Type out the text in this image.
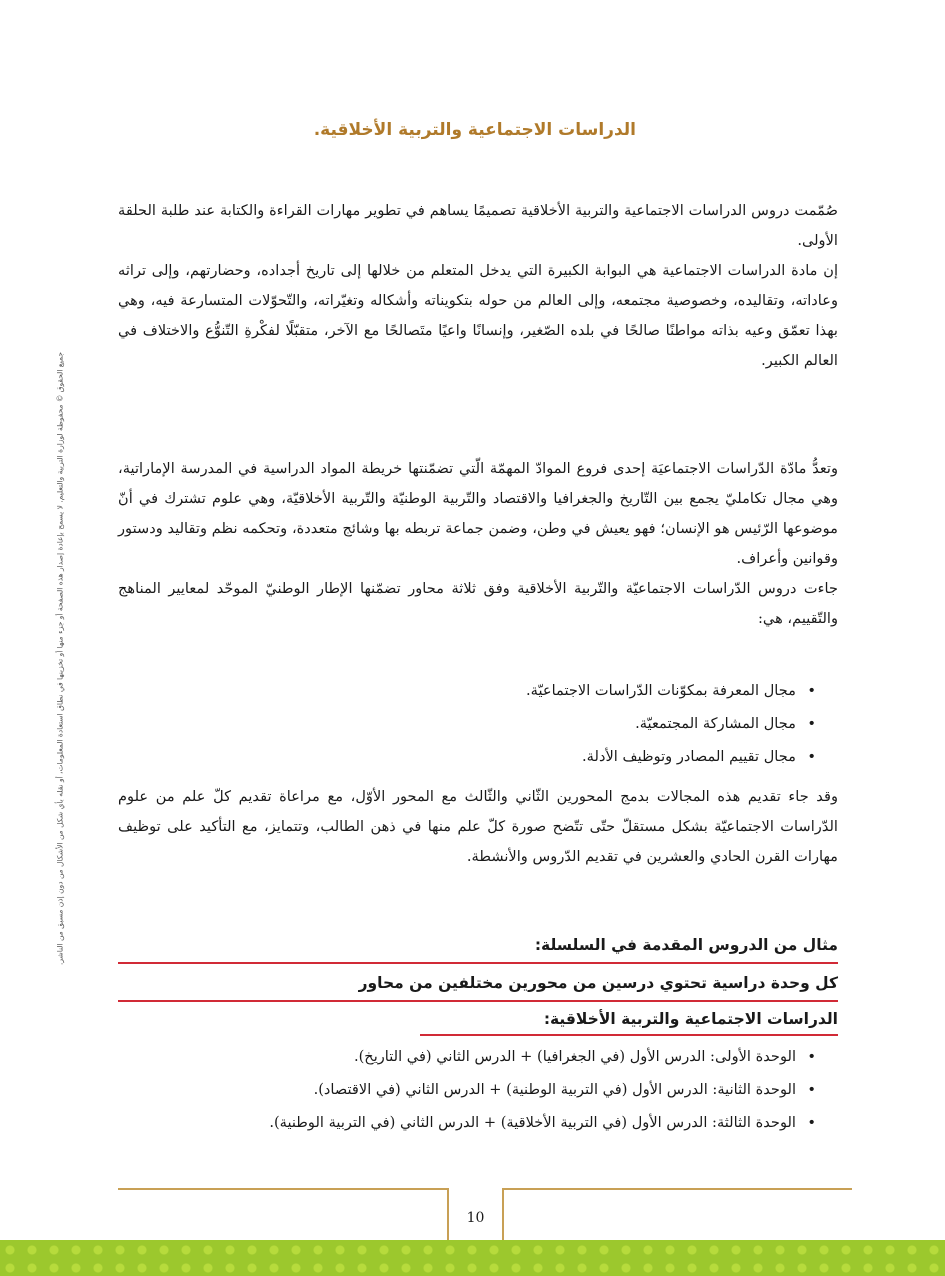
الدراسات الاجتماعية والتربية الأخلاقية.

صُمّمت دروس الدراسات الاجتماعية والتربية الأخلاقية تصميمًا يساهم في تطوير مهارات القراءة والكتابة عند طلبة الحلقة الأولى.

إن مادة الدراسات الاجتماعية هي البوابة الكبيرة التي يدخل المتعلم من خلالها إلى تاريخ أجداده، وحضارتهم، وإلى تراثه وعاداته، وتقاليده، وخصوصية مجتمعه، وإلى العالم من حوله بتكويناته وأشكاله وتغيّراته، والتّحوّلات المتسارعة فيه، وهي بهذا تعمّق وعيه بذاته مواطنًا صالحًا في بلده الصّغير، وإنسانًا واعيًا متَصالحًا مع الآخر، متقبّلًا لفكْرةِ التّنوُّع والاختلاف في العالم الكبير.

وتعدُّ مادّة الدّراسات الاجتماعيَة إحدى فروع الموادّ المهمّة الّتي تضمّنتها خريطة المواد الدراسية في المدرسة الإماراتية، وهي مجال تكامليّ يجمع بين التّاريخ والجغرافيا والاقتصاد والتّربية الوطنيّة والتّربية الأخلاقيّة، وهي علوم تشترك في أنّ موضوعها الرّئيس هو الإنسان؛ فهو يعيش في وطن، وضمن جماعة تربطه بها وشائج متعددة، وتحكمه نظم وتقاليد ودستور وقوانين وأعراف.

جاءت دروس الدّراسات الاجتماعيّة والتّربية الأخلاقية وفق ثلاثة محاور تضمّنها الإطار الوطنيّ الموحّد لمعايير المناهج والتّقييم، هي:

•
مجال المعرفة بمكوّنات الدّراسات الاجتماعيّة.
•
مجال المشاركة المجتمعيّة.
•
مجال تقييم المصادر وتوظيف الأدلة.
وقد جاء تقديم هذه المجالات بدمج المحورين الثّاني والثّالث مع المحور الأوّل، مع مراعاة تقديم كلّ علم من علوم الدّراسات الاجتماعيّة بشكل مستقلّ حتّى تتّضح صورة كلّ علم منها في ذهن الطالب، وتتمايز، مع التأكيد على توظيف مهارات القرن الحادي والعشرين في تقديم الدّروس والأنشطة.
مثال من الدروس المقدمة في السلسلة:
كل وحدة دراسية تحتوي درسين من محورين مختلفين من محاور
الدراسات الاجتماعية والتربية الأخلاقية:
•
الوحدة الأولى: الدرس الأول (في الجغرافيا) + الدرس الثاني (في التاريخ).
•
الوحدة الثانية: الدرس الأول (في التربية الوطنية) + الدرس الثاني (في الاقتصاد).
•
الوحدة الثالثة: الدرس الأول (في التربية الأخلاقية) + الدرس الثاني (في التربية الوطنية).
جميع الحقوق © محفوظة لوزارة التربية والتعليم. لا يسمح بإعادة إصدار هذه الصفحة أو جزء منها أو تخزينها في نطاق استعادة المعلومات، أو نقله بأي شكل من الأشكال من دون إذن مسبق من الناشر.
10
